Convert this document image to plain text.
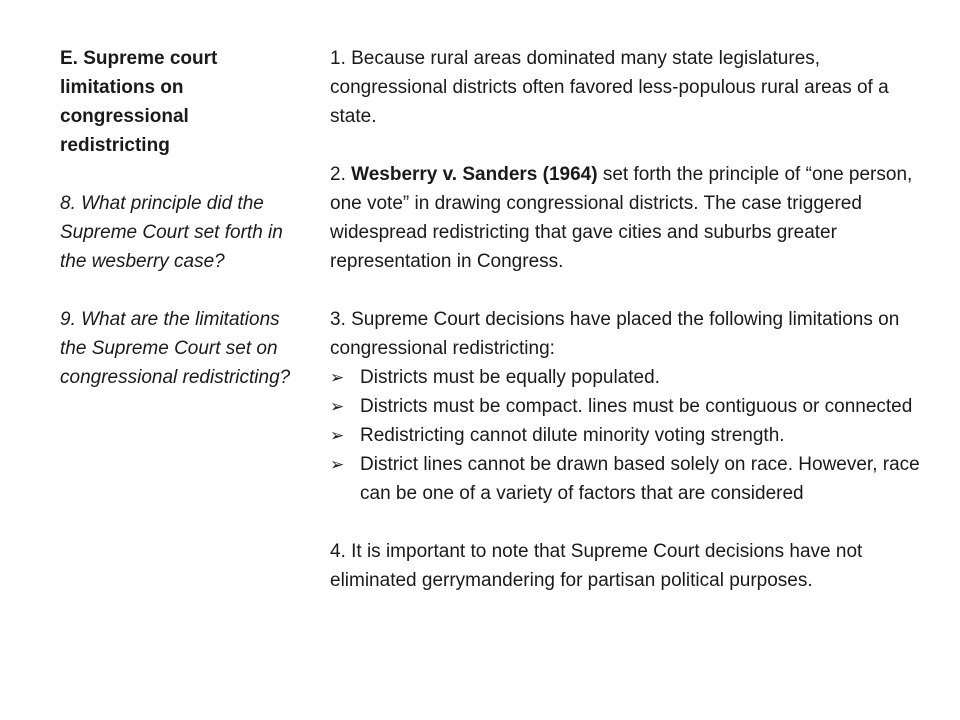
E. Supreme court limitations on congressional redistricting

8. What principle did the Supreme Court set forth in the wesberry case?

9. What are the limitations the Supreme Court set on congressional redistricting?

1. Because rural areas dominated many state legislatures, congressional districts often favored less-populous rural areas of a state.

2. Wesberry v. Sanders (1964) set forth the principle of “one person, one vote” in drawing congressional districts. The case triggered widespread redistricting that gave cities and suburbs greater representation in Congress.

3. Supreme Court decisions have placed the following limitations on congressional redistricting:

➢ Districts must be equally populated.
➢ Districts must be compact. lines must be contiguous or connected
➢ Redistricting cannot dilute minority voting strength.
➢ District lines cannot be drawn based solely on race. However, race can be one of a variety of factors that are considered

4. It is important to note that Supreme Court decisions have not eliminated gerrymandering for partisan political purposes.
